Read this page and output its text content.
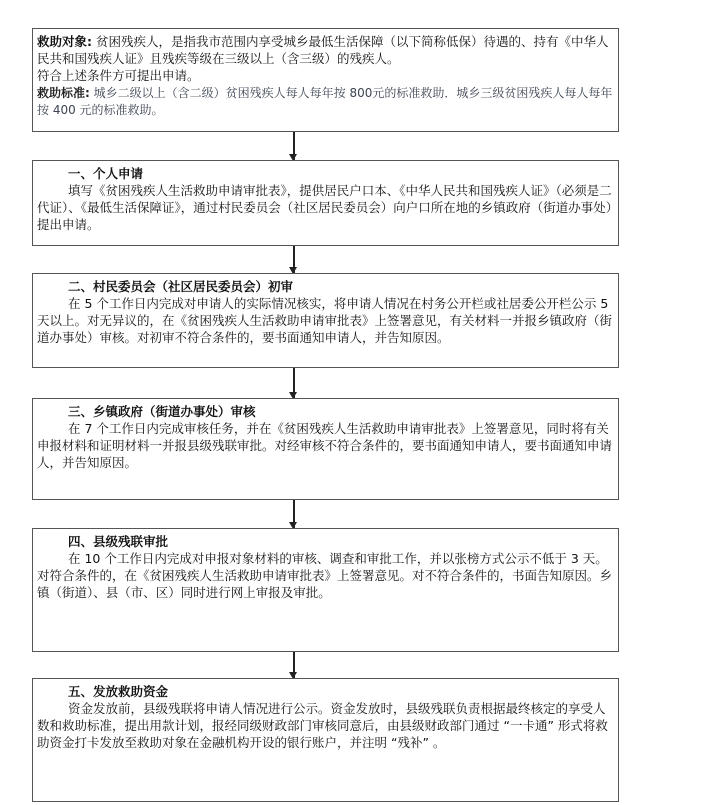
救助对象: 贫困残疾人，是指我市范围内享受城乡最低生活保障（以下简称低保）待遇的、持有《中华人民共和国残疾人证》且残疾等级在三级以上（含三级）的残疾人。

符合上述条件方可提出申请。

救助标准: 城乡二级以上（含二级）贫困残疾人每人每年按 800元的标准救助．城乡三级贫困残疾人每人每年按 400 元的标准救助。

一、个人申请

填写《贫困残疾人生活救助申请审批表》，提供居民户口本、《中华人民共和国残疾人证》（必须是二代证）、《最低生活保障证》，通过村民委员会（社区居民委员会）向户口所在地的乡镇政府（街道办事处）提出申请。

二、村民委员会（社区居民委员会）初审

在 5 个工作日内完成对申请人的实际情况核实，将申请人情况在村务公开栏或社居委公开栏公示 5 天以上。对无异议的，在《贫困残疾人生活救助申请审批表》上签署意见，有关材料一并报乡镇政府（街道办事处）审核。对初审不符合条件的，要书面通知申请人，并告知原因。

三、乡镇政府（街道办事处）审核

在 7 个工作日内完成审核任务，并在《贫困残疾人生活救助申请审批表》上签署意见，同时将有关申报材料和证明材料一并报县级残联审批。对经审核不符合条件的，要书面通知申请人，要书面通知申请人，并告知原因。

四、县级残联审批

在 10 个工作日内完成对申报对象材料的审核、调查和审批工作，并以张榜方式公示不低于 3 天。对符合条件的，在《贫困残疾人生活救助申请审批表》上签署意见。对不符合条件的，书面告知原因。乡镇（街道）、县（市、区）同时进行网上审报及审批。

五、发放救助资金

资金发放前，县级残联将申请人情况进行公示。资金发放时，县级残联负责根据最终核定的享受人数和救助标准，提出用款计划，报经同级财政部门审核同意后，由县级财政部门通过 “一卡通” 形式将救助资金打卡发放至救助对象在金融机构开设的银行账户，并注明 “残补” 。
